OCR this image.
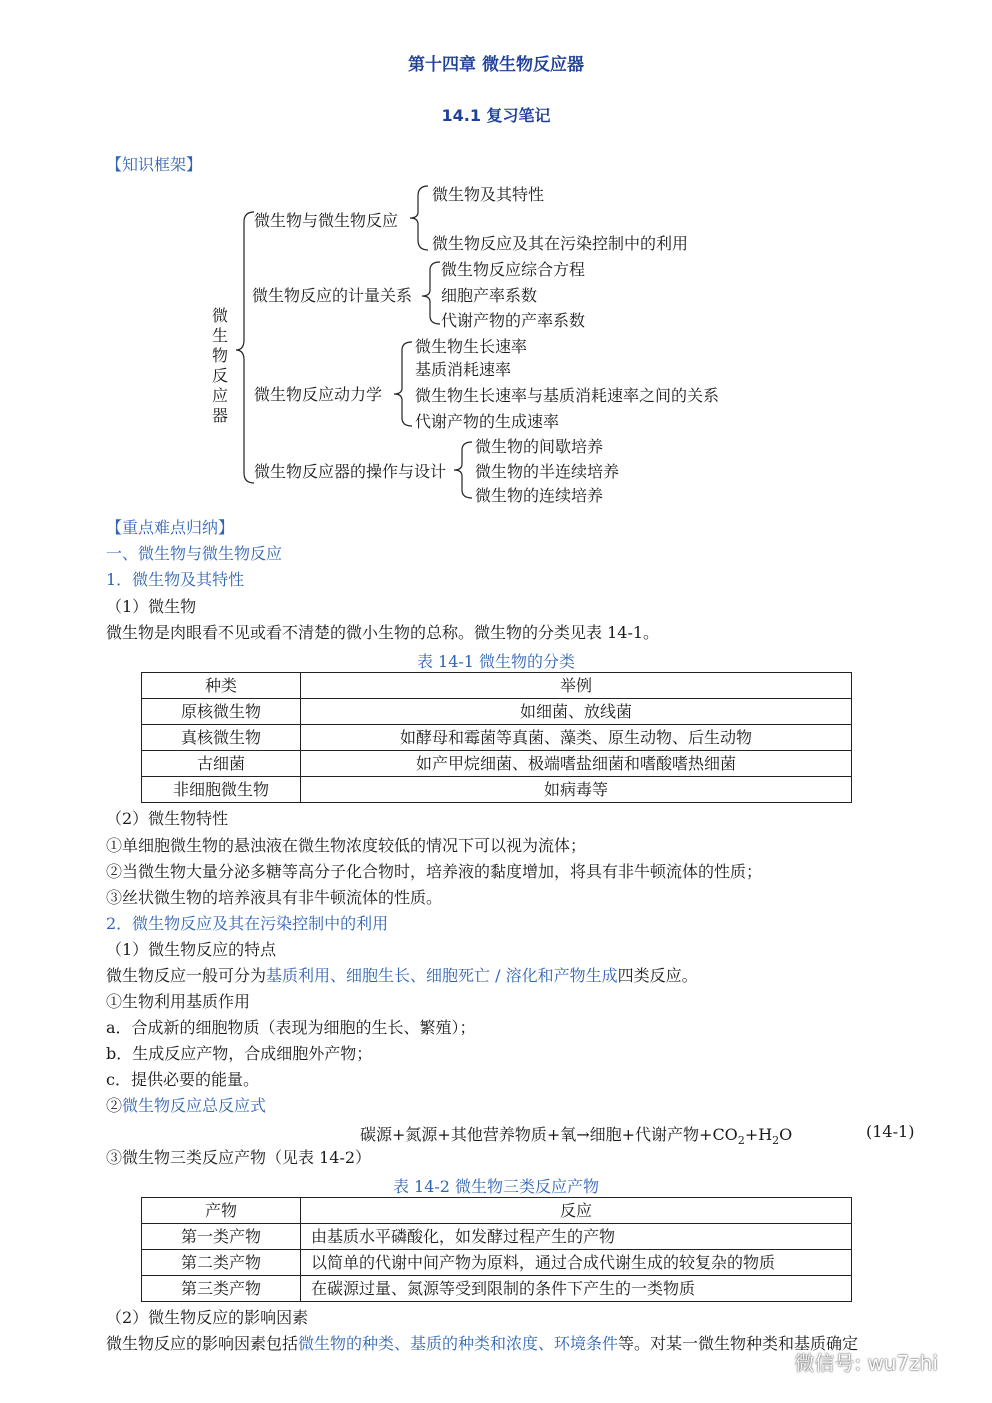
第十四章 微生物反应器
14.1 复习笔记
【知识框架】
微生物反应器
微生物与微生物反应
微生物及其特性
微生物反应及其在污染控制中的利用
微生物反应的计量关系
微生物反应综合方程
细胞产率系数
代谢产物的产率系数
微生物反应动力学
微生物生长速率
基质消耗速率
微生物生长速率与基质消耗速率之间的关系
代谢产物的生成速率
微生物反应器的操作与设计
微生物的间歇培养
微生物的半连续培养
微生物的连续培养
【重点难点归纳】
一、微生物与微生物反应
1．微生物及其特性
（1）微生物
微生物是肉眼看不见或看不清楚的微小生物的总称。微生物的分类见表 14-1。
表 14-1 微生物的分类
种类	举例
原核微生物	如细菌、放线菌
真核微生物	如酵母和霉菌等真菌、藻类、原生动物、后生动物
古细菌	如产甲烷细菌、极端嗜盐细菌和嗜酸嗜热细菌
非细胞微生物	如病毒等
（2）微生物特性
①单细胞微生物的悬浊液在微生物浓度较低的情况下可以视为流体；
②当微生物大量分泌多糖等高分子化合物时，培养液的黏度增加，将具有非牛顿流体的性质；
③丝状微生物的培养液具有非牛顿流体的性质。
2．微生物反应及其在污染控制中的利用
（1）微生物反应的特点
微生物反应一般可分为基质利用、细胞生长、细胞死亡 / 溶化和产物生成四类反应。
①生物利用基质作用
a．合成新的细胞物质（表现为细胞的生长、繁殖）；
b．生成反应产物，合成细胞外产物；
c．提供必要的能量。
②微生物反应总反应式
碳源+氮源+其他营养物质+氧→细胞+代谢产物$+CO_2+H_2O$	(14-1)
③微生物三类反应产物（见表 14-2）
表 14-2 微生物三类反应产物
产物	反应
第一类产物	由基质水平磷酸化，如发酵过程产生的产物
第二类产物	以简单的代谢中间产物为原料，通过合成代谢生成的较复杂的物质
第三类产物	在碳源过量、氮源等受到限制的条件下产生的一类物质
（2）微生物反应的影响因素
微生物反应的影响因素包括微生物的种类、基质的种类和浓度、环境条件等。对某一微生物种类和基质确定
微信号: wu7zhi
